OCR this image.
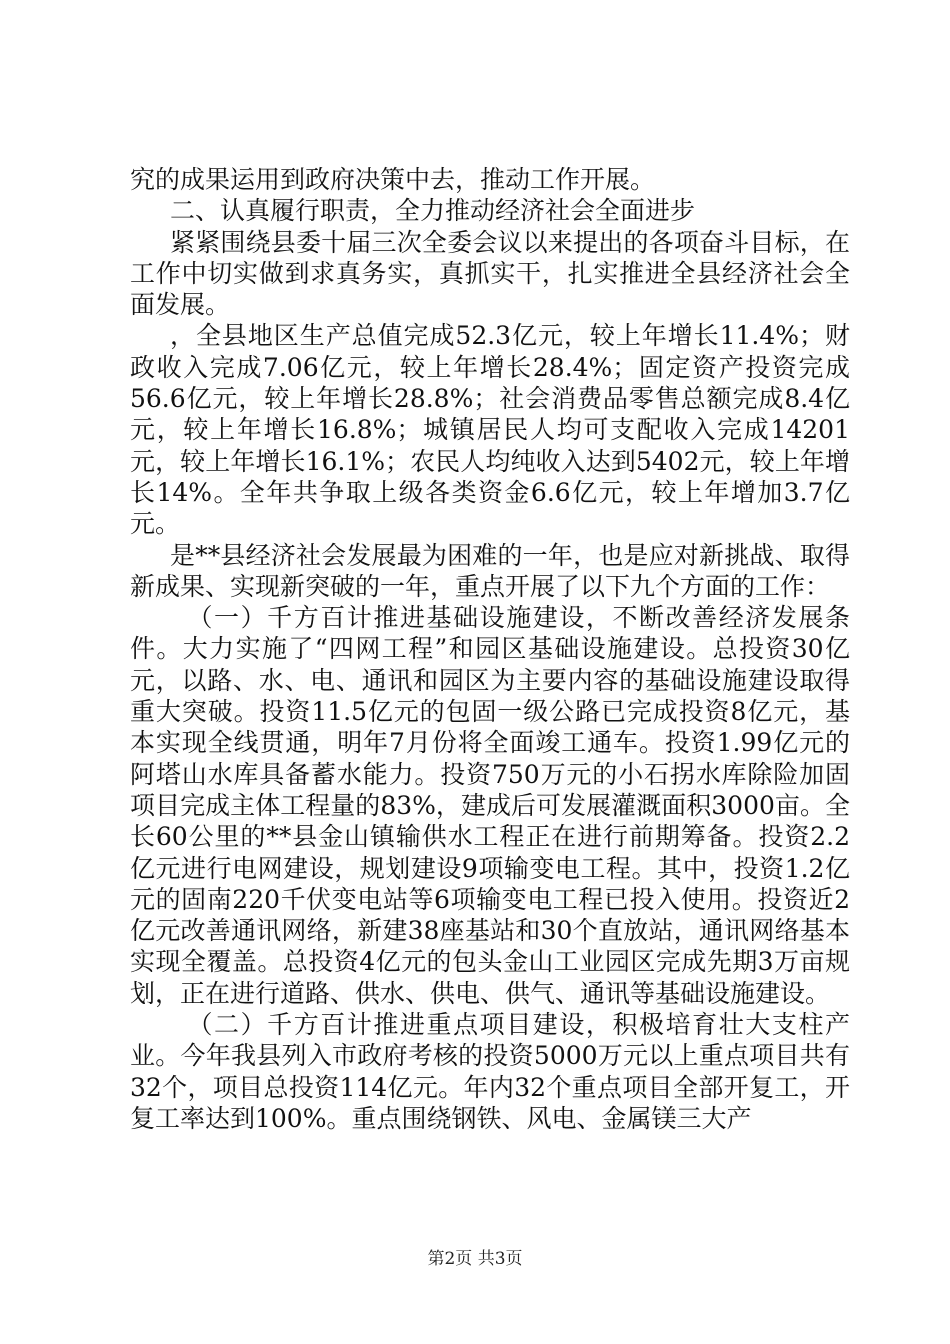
究的成果运用到政府决策中去，推动工作开展。

二、认真履行职责，全力推动经济社会全面进步

紧紧围绕县委十届三次全委会议以来提出的各项奋斗目标，在工作中切实做到求真务实，真抓实干，扎实推进全县经济社会全面发展。

，全县地区生产总值完成52.3亿元，较上年增长11.4%；财政收入完成7.06亿元，较上年增长28.4%；固定资产投资完成56.6亿元，较上年增长28.8%；社会消费品零售总额完成8.4亿元，较上年增长16.8%；城镇居民人均可支配收入完成14201元，较上年增长16.1%；农民人均纯收入达到5402元，较上年增长14%。全年共争取上级各类资金6.6亿元，较上年增加3.7亿元。

是**县经济社会发展最为困难的一年，也是应对新挑战、取得新成果、实现新突破的一年，重点开展了以下九个方面的工作：

（一）千方百计推进基础设施建设，不断改善经济发展条件。大力实施了“四网工程”和园区基础设施建设。总投资30亿元，以路、水、电、通讯和园区为主要内容的基础设施建设取得重大突破。投资11.5亿元的包固一级公路已完成投资8亿元，基本实现全线贯通，明年7月份将全面竣工通车。投资1.99亿元的阿塔山水库具备蓄水能力。投资750万元的小石拐水库除险加固项目完成主体工程量的83%，建成后可发展灌溉面积3000亩。全长60公里的**县金山镇输供水工程正在进行前期筹备。投资2.2亿元进行电网建设，规划建设9项输变电工程。其中，投资1.2亿元的固南220千伏变电站等6项输变电工程已投入使用。投资近2亿元改善通讯网络，新建38座基站和30个直放站，通讯网络基本实现全覆盖。总投资4亿元的包头金山工业园区完成先期3万亩规划，正在进行道路、供水、供电、供气、通讯等基础设施建设。

（二）千方百计推进重点项目建设，积极培育壮大支柱产业。今年我县列入市政府考核的投资5000万元以上重点项目共有32个，项目总投资114亿元。年内32个重点项目全部开复工，开复工率达到100%。重点围绕钢铁、风电、金属镁三大产

第2页 共3页
